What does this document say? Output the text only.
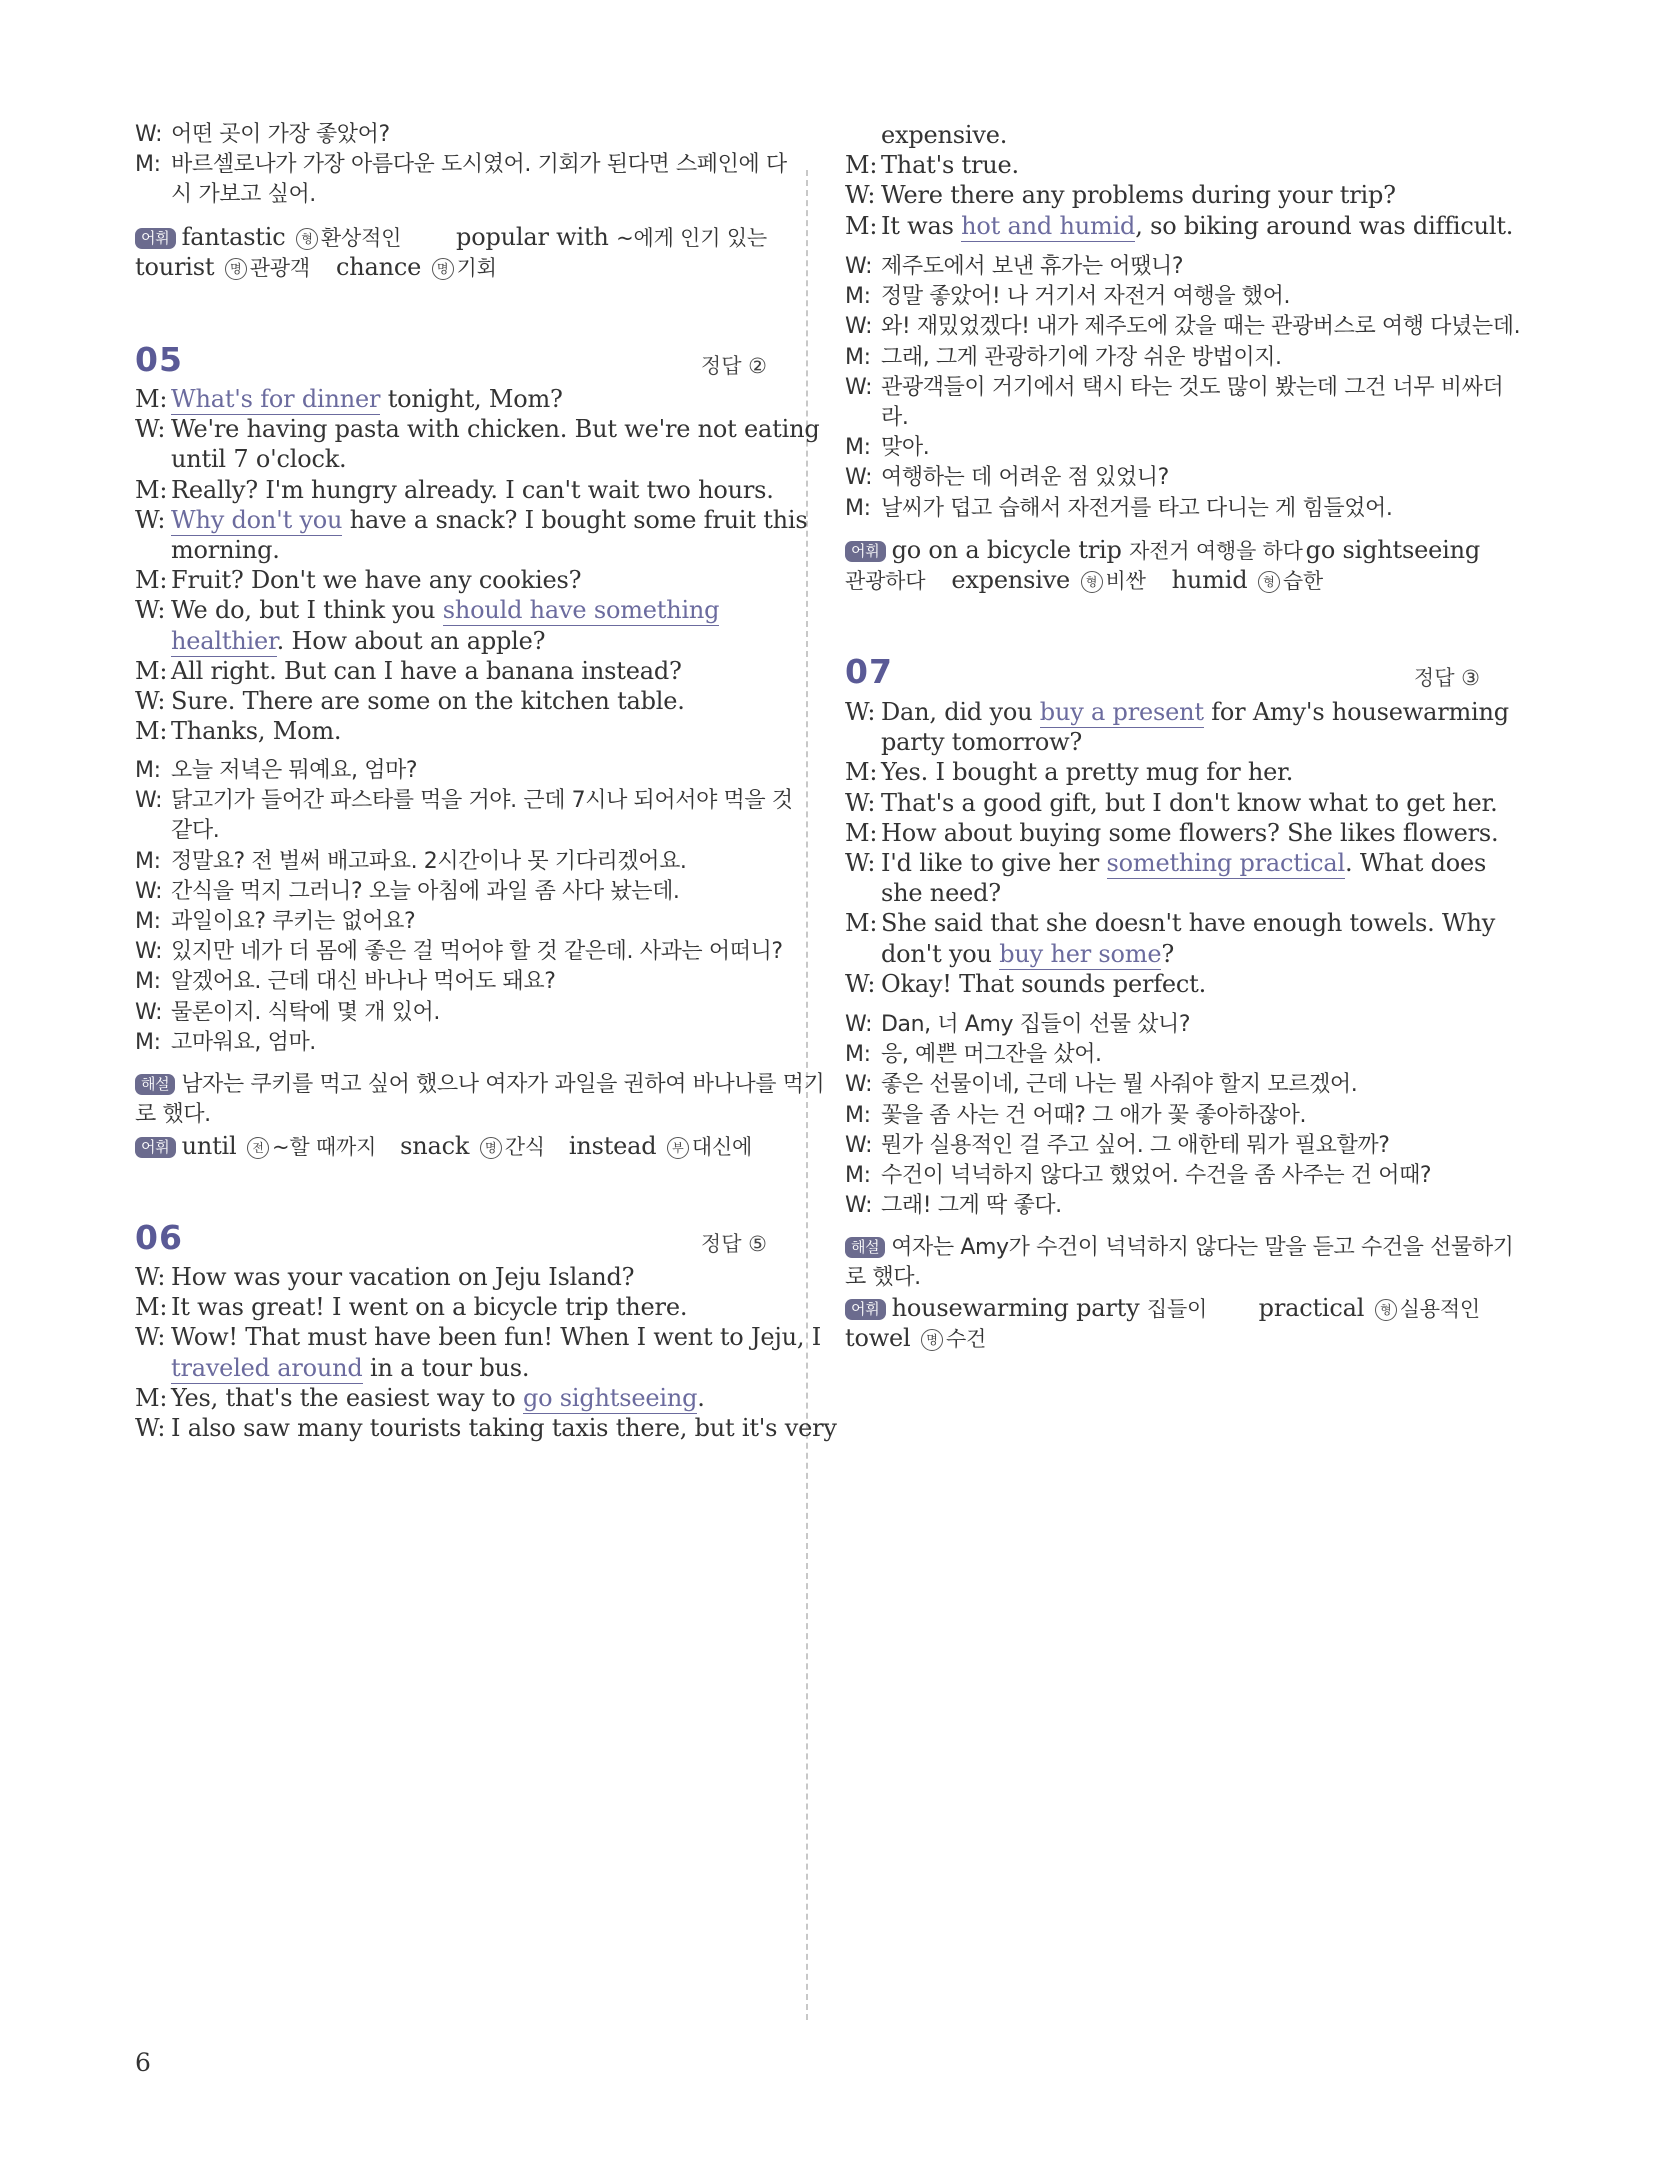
W: 어떤 곳이 가장 좋았어?
M: 바르셀로나가 가장 아름다운 도시였어. 기회가 된다면 스페인에 다
시 가보고 싶어.
어휘 fantastic 형 환상적인 popular with ~에게 인기 있는
tourist 명 관광객 chance 명 기회
05	정답 ②
M: What's for dinner tonight, Mom?
W: We're having pasta with chicken. But we're not eating
until 7 o'clock.
M: Really? I'm hungry already. I can't wait two hours.
W: Why don't you have a snack? I bought some fruit this
morning.
M: Fruit? Don't we have any cookies?
W: We do, but I think you should have something
healthier. How about an apple?
M: All right. But can I have a banana instead?
W: Sure. There are some on the kitchen table.
M: Thanks, Mom.
M: 오늘 저녁은 뭐예요, 엄마?
W: 닭고기가 들어간 파스타를 먹을 거야. 근데 7시나 되어서야 먹을 것
같다.
M: 정말요? 전 벌써 배고파요. 2시간이나 못 기다리겠어요.
W: 간식을 먹지 그러니? 오늘 아침에 과일 좀 사다 놨는데.
M: 과일이요? 쿠키는 없어요?
W: 있지만 네가 더 몸에 좋은 걸 먹어야 할 것 같은데. 사과는 어떠니?
M: 알겠어요. 근데 대신 바나나 먹어도 돼요?
W: 물론이지. 식탁에 몇 개 있어.
M: 고마워요, 엄마.
해설 남자는 쿠키를 먹고 싶어 했으나 여자가 과일을 권하여 바나나를 먹기
로 했다.
어휘 until 전 ~할 때까지 snack 명 간식 instead 부 대신에
06	정답 ⑤
W: How was your vacation on Jeju Island?
M: It was great! I went on a bicycle trip there.
W: Wow! That must have been fun! When I went to Jeju, I
traveled around in a tour bus.
M: Yes, that's the easiest way to go sightseeing.
W: I also saw many tourists taking taxis there, but it's very
expensive.
M: That's true.
W: Were there any problems during your trip?
M: It was hot and humid, so biking around was difficult.
W: 제주도에서 보낸 휴가는 어땠니?
M: 정말 좋았어! 나 거기서 자전거 여행을 했어.
W: 와! 재밌었겠다! 내가 제주도에 갔을 때는 관광버스로 여행 다녔는데.
M: 그래, 그게 관광하기에 가장 쉬운 방법이지.
W: 관광객들이 거기에서 택시 타는 것도 많이 봤는데 그건 너무 비싸더
라.
M: 맞아.
W: 여행하는 데 어려운 점 있었니?
M: 날씨가 덥고 습해서 자전거를 타고 다니는 게 힘들었어.
어휘 go on a bicycle trip 자전거 여행을 하다 go sightseeing
관광하다 expensive 형 비싼 humid 형 습한
07	정답 ③
W: Dan, did you buy a present for Amy's housewarming
party tomorrow?
M: Yes. I bought a pretty mug for her.
W: That's a good gift, but I don't know what to get her.
M: How about buying some flowers? She likes flowers.
W: I'd like to give her something practical. What does
she need?
M: She said that she doesn't have enough towels. Why
don't you buy her some?
W: Okay! That sounds perfect.
W: Dan, 너 Amy 집들이 선물 샀니?
M: 응, 예쁜 머그잔을 샀어.
W: 좋은 선물이네, 근데 나는 뭘 사줘야 할지 모르겠어.
M: 꽃을 좀 사는 건 어때? 그 애가 꽃 좋아하잖아.
W: 뭔가 실용적인 걸 주고 싶어. 그 애한테 뭐가 필요할까?
M: 수건이 넉넉하지 않다고 했었어. 수건을 좀 사주는 건 어때?
W: 그래! 그게 딱 좋다.
해설 여자는 Amy가 수건이 넉넉하지 않다는 말을 듣고 수건을 선물하기
로 했다.
어휘 housewarming party 집들이 practical 형 실용적인
towel 명 수건
6
